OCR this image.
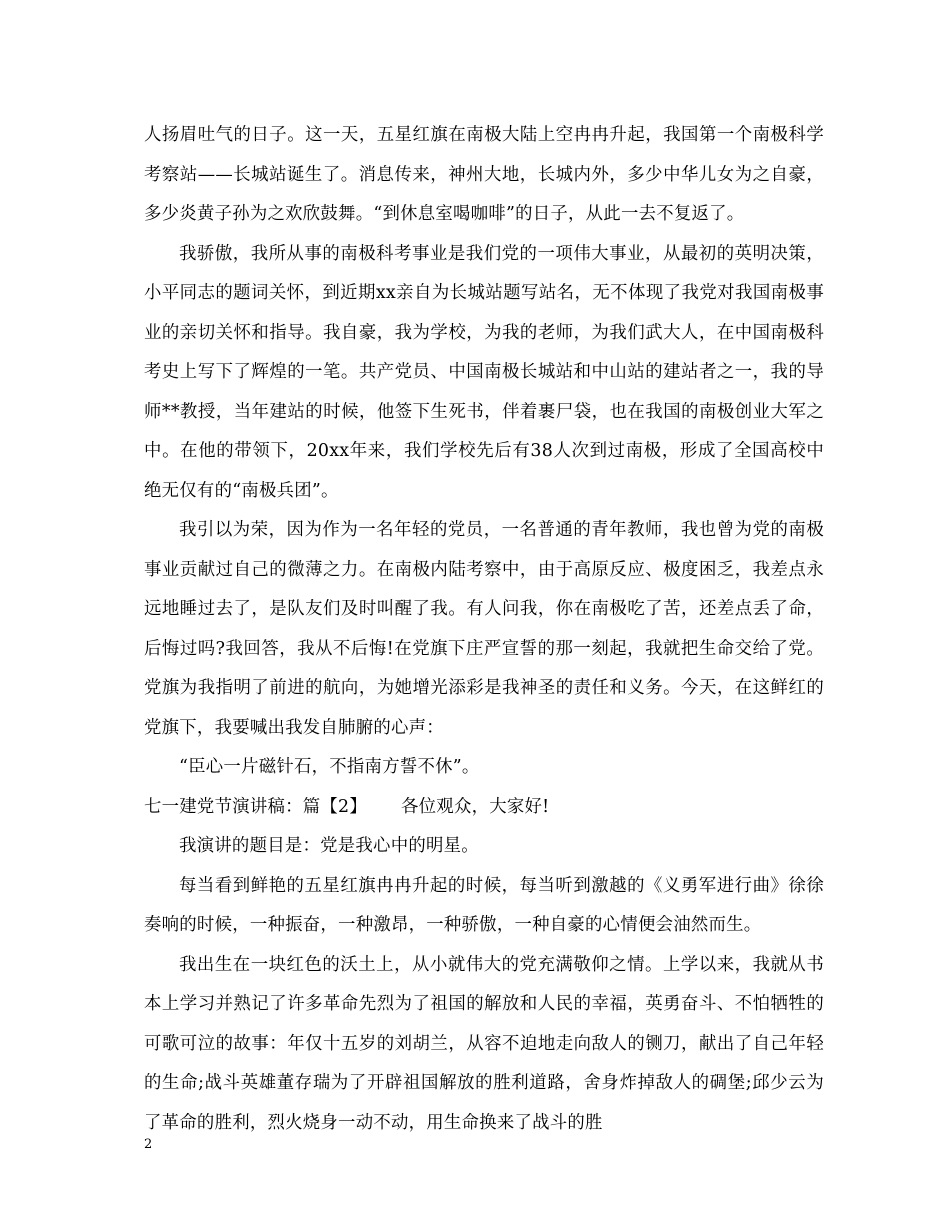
人扬眉吐气的日子。这一天，五星红旗在南极大陆上空冉冉升起，我国第一个南极科学考察站——长城站诞生了。消息传来，神州大地，长城内外，多少中华儿女为之自豪，多少炎黄子孙为之欢欣鼓舞。“到休息室喝咖啡”的日子，从此一去不复返了。

我骄傲，我所从事的南极科考事业是我们党的一项伟大事业，从最初的英明决策，小平同志的题词关怀，到近期xx亲自为长城站题写站名，无不体现了我党对我国南极事业的亲切关怀和指导。我自豪，我为学校，为我的老师，为我们武大人，在中国南极科考史上写下了辉煌的一笔。共产党员、中国南极长城站和中山站的建站者之一，我的导师**教授，当年建站的时候，他签下生死书，伴着裹尸袋，也在我国的南极创业大军之中。在他的带领下，20xx年来，我们学校先后有38人次到过南极，形成了全国高校中绝无仅有的“南极兵团”。

我引以为荣，因为作为一名年轻的党员，一名普通的青年教师，我也曾为党的南极事业贡献过自己的微薄之力。在南极内陆考察中，由于高原反应、极度困乏，我差点永远地睡过去了，是队友们及时叫醒了我。有人问我，你在南极吃了苦，还差点丢了命，后悔过吗?我回答，我从不后悔!在党旗下庄严宣誓的那一刻起，我就把生命交给了党。党旗为我指明了前进的航向，为她增光添彩是我神圣的责任和义务。今天，在这鲜红的党旗下，我要喊出我发自肺腑的心声：

“臣心一片磁针石，不指南方誓不休”。

七一建党节演讲稿：篇【2】 各位观众，大家好!

我演讲的题目是：党是我心中的明星。

每当看到鲜艳的五星红旗冉冉升起的时候，每当听到激越的《义勇军进行曲》徐徐奏响的时候，一种振奋，一种激昂，一种骄傲，一种自豪的心情便会油然而生。

我出生在一块红色的沃土上，从小就伟大的党充满敬仰之情。上学以来，我就从书本上学习并熟记了许多革命先烈为了祖国的解放和人民的幸福，英勇奋斗、不怕牺牲的可歌可泣的故事：年仅十五岁的刘胡兰，从容不迫地走向敌人的铡刀，献出了自己年轻的生命;战斗英雄董存瑞为了开辟祖国解放的胜利道路，舍身炸掉敌人的碉堡;邱少云为了革命的胜利，烈火烧身一动不动，用生命换来了战斗的胜

2
